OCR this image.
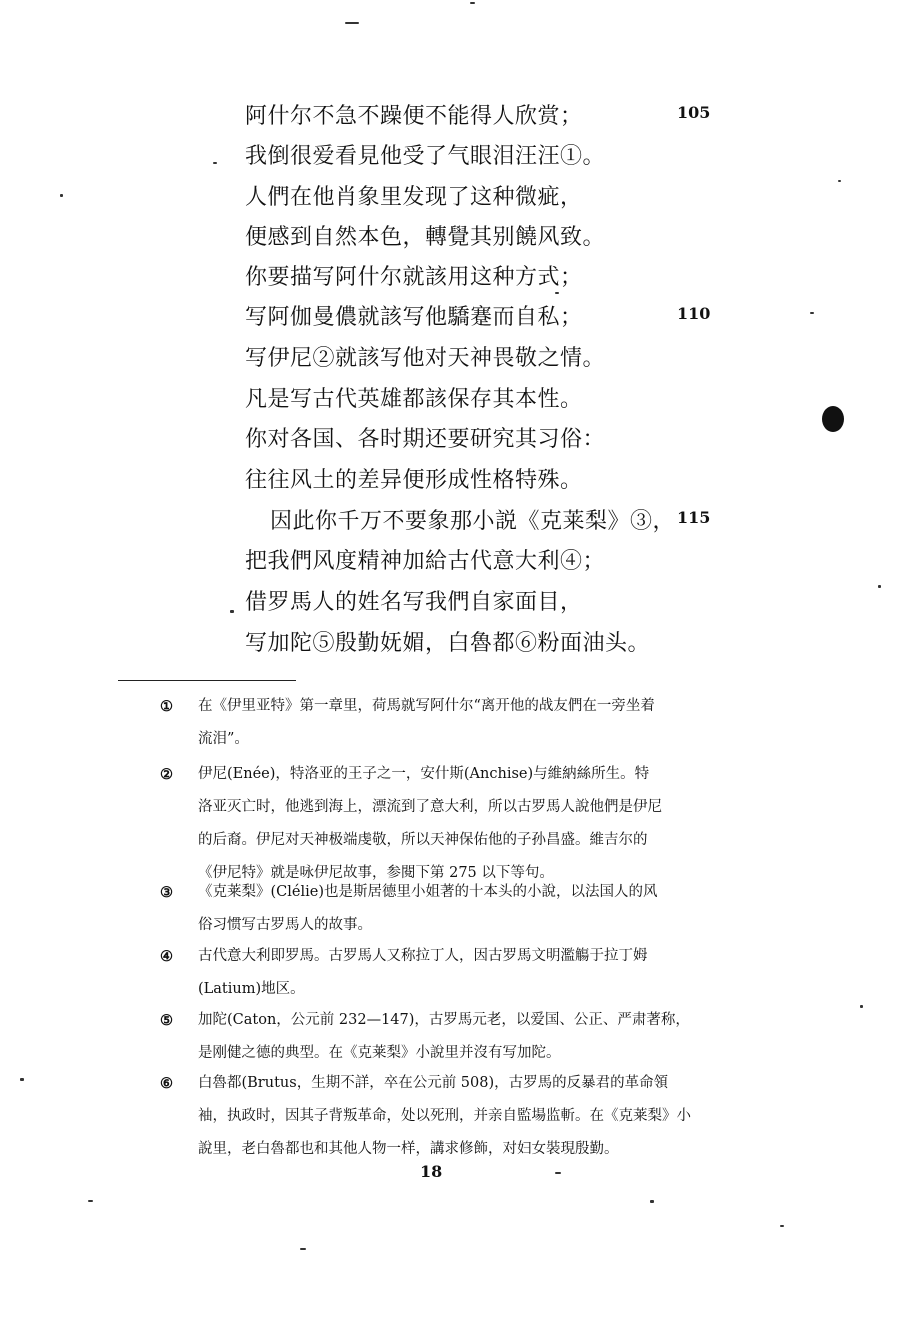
阿什尔不急不躁便不能得人欣赏；	105
我倒很爱看見他受了气眼泪汪汪①。
人們在他肖象里发现了这种微疵，
便感到自然本色，轉覺其别饒风致。
你要描写阿什尔就該用这种方式；
写阿伽曼儂就該写他驕蹇而自私；	110
写伊尼②就該写他对天神畏敬之情。
凡是写古代英雄都該保存其本性。
你对各国、各时期还要研究其习俗：
往往风土的差异便形成性格特殊。
因此你千万不要象那小説《克莱梨》③， 115
把我們风度精神加給古代意大利④；
借罗馬人的姓名写我們自家面目，
写加陀⑤殷勤妩媚，白魯都⑥粉面油头。
①	在《伊里亚特》第一章里，荷馬就写阿什尔“离开他的战友們在一旁坐着
流泪”。
②	伊尼(Enée)，特洛亚的王子之一，安什斯(Anchise)与維納絲所生。特
洛亚灭亡时，他逃到海上，漂流到了意大利，所以古罗馬人說他們是伊尼
的后裔。伊尼对天神极端虔敬，所以天神保佑他的子孙昌盛。維吉尔的
《伊尼特》就是咏伊尼故事，参閱下第 275 以下等句。
③	《克莱梨》(Clélie)也是斯居德里小姐著的十本头的小說，以法国人的风
俗习惯写古罗馬人的故事。
④	古代意大利即罗馬。古罗馬人又称拉丁人，因古罗馬文明濫觴于拉丁姆
(Latium)地区。
⑤	加陀(Caton，公元前 232—147)，古罗馬元老，以爱国、公正、严肃著称，
是刚健之德的典型。在《克莱梨》小說里并沒有写加陀。
⑥	白魯都(Brutus，生期不詳，卒在公元前 508)，古罗馬的反暴君的革命領
袖，执政时，因其子背叛革命，处以死刑，并亲自監場监斬。在《克莱梨》小
說里，老白魯都也和其他人物一样，講求修飾，对妇女裝現殷勤。
18
